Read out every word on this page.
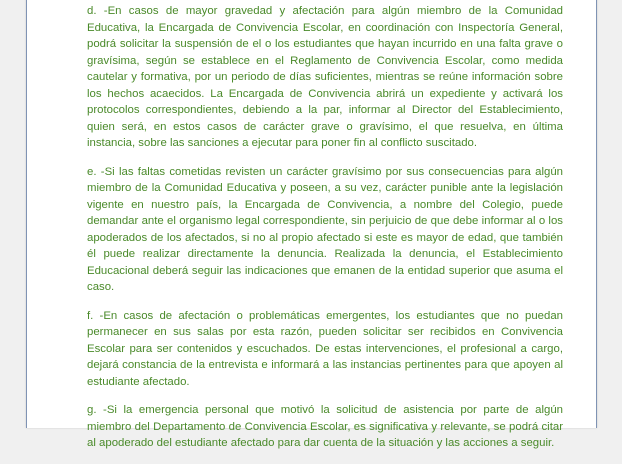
d. -En casos de mayor gravedad y afectación para algún miembro de la Comunidad Educativa, la Encargada de Convivencia Escolar, en coordinación con Inspectoría General, podrá solicitar la suspensión de el o los estudiantes que hayan incurrido en una falta grave o gravísima, según se establece en el Reglamento de Convivencia Escolar, como medida cautelar y formativa, por un periodo de días suficientes, mientras se reúne información sobre los hechos acaecidos. La Encargada de Convivencia abrirá un expediente y activará los protocolos correspondientes, debiendo a la par, informar al Director del Establecimiento, quien será, en estos casos de carácter grave o gravísimo, el que resuelva, en última instancia, sobre las sanciones a ejecutar para poner fin al conflicto suscitado.

e. -Si las faltas cometidas revisten un carácter gravísimo por sus consecuencias para algún miembro de la Comunidad Educativa y poseen, a su vez, carácter punible ante la legislación vigente en nuestro país, la Encargada de Convivencia, a nombre del Colegio, puede demandar ante el organismo legal correspondiente, sin perjuicio de que debe informar al o los apoderados de los afectados, si no al propio afectado si este es mayor de edad, que también él puede realizar directamente la denuncia. Realizada la denuncia, el Establecimiento Educacional deberá seguir las indicaciones que emanen de la entidad superior que asuma el caso.

f. -En casos de afectación o problemáticas emergentes, los estudiantes que no puedan permanecer en sus salas por esta razón, pueden solicitar ser recibidos en Convivencia Escolar para ser contenidos y escuchados. De estas intervenciones, el profesional a cargo, dejará constancia de la entrevista e informará a las instancias pertinentes para que apoyen al estudiante afectado.

g. -Si la emergencia personal que motivó la solicitud de asistencia por parte de algún miembro del Departamento de Convivencia Escolar, es significativa y relevante, se podrá citar al apoderado del estudiante afectado para dar cuenta de la situación y las acciones a seguir.
